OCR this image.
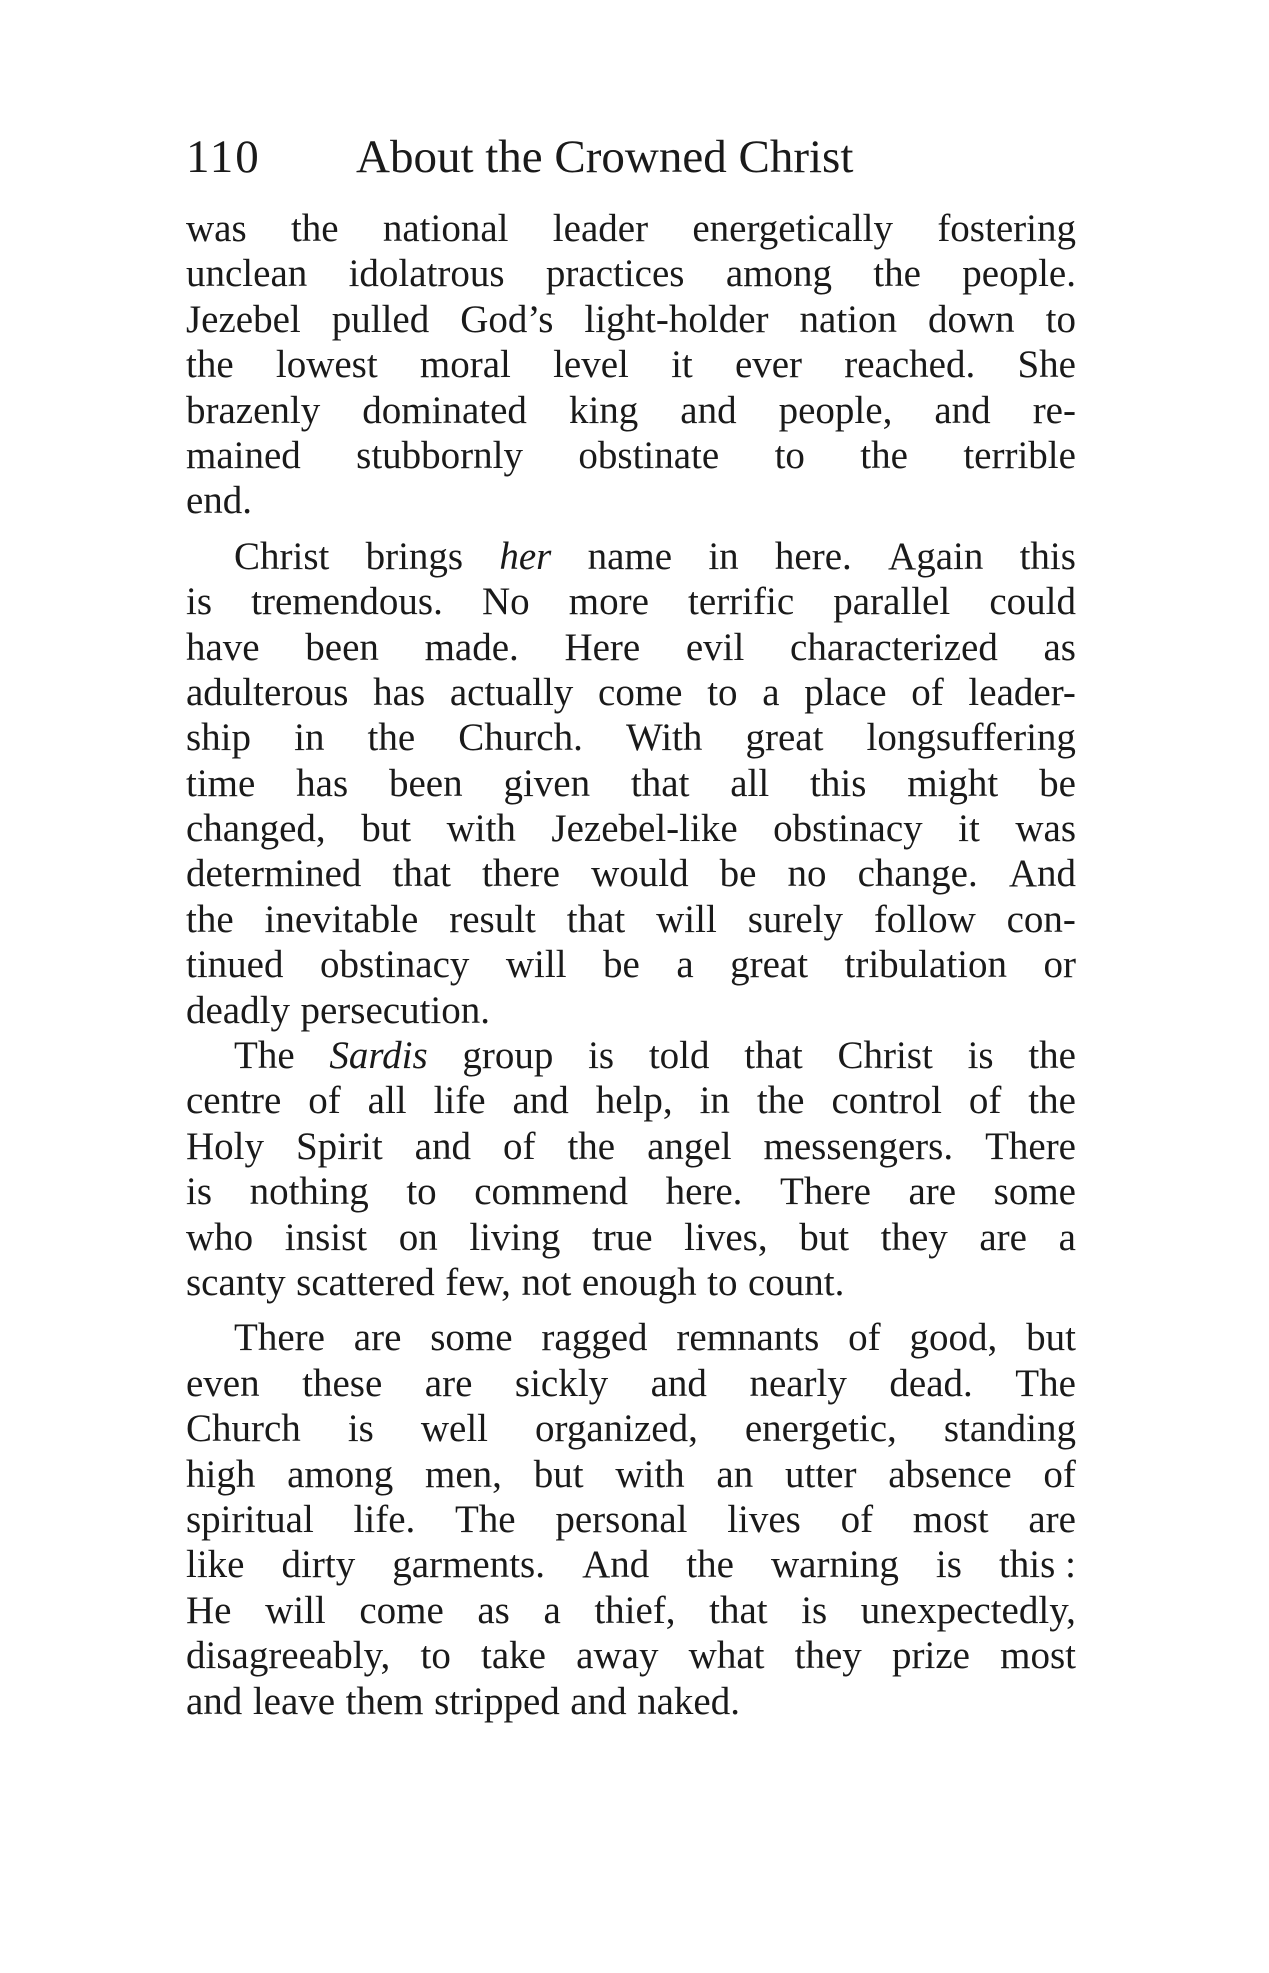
110 About the Crowned Christ
was the national leader energetically fostering
unclean idolatrous practices among the people.
Jezebel pulled God’s light-holder nation down to
the lowest moral level it ever reached. She
brazenly dominated king and people, and re-
mained stubbornly obstinate to the terrible
end.
Christ brings her name in here. Again this
is tremendous. No more terrific parallel could
have been made. Here evil characterized as
adulterous has actually come to a place of leader-
ship in the Church. With great longsuffering
time has been given that all this might be
changed, but with Jezebel-like obstinacy it was
determined that there would be no change. And
the inevitable result that will surely follow con-
tinued obstinacy will be a great tribulation or
deadly persecution.
The Sardis group is told that Christ is the
centre of all life and help, in the control of the
Holy Spirit and of the angel messengers. There
is nothing to commend here. There are some
who insist on living true lives, but they are a
scanty scattered few, not enough to count.
There are some ragged remnants of good, but
even these are sickly and nearly dead. The
Church is well organized, energetic, standing
high among men, but with an utter absence of
spiritual life. The personal lives of most are
like dirty garments. And the warning is this :
He will come as a thief, that is unexpectedly,
disagreeably, to take away what they prize most
and leave them stripped and naked.
